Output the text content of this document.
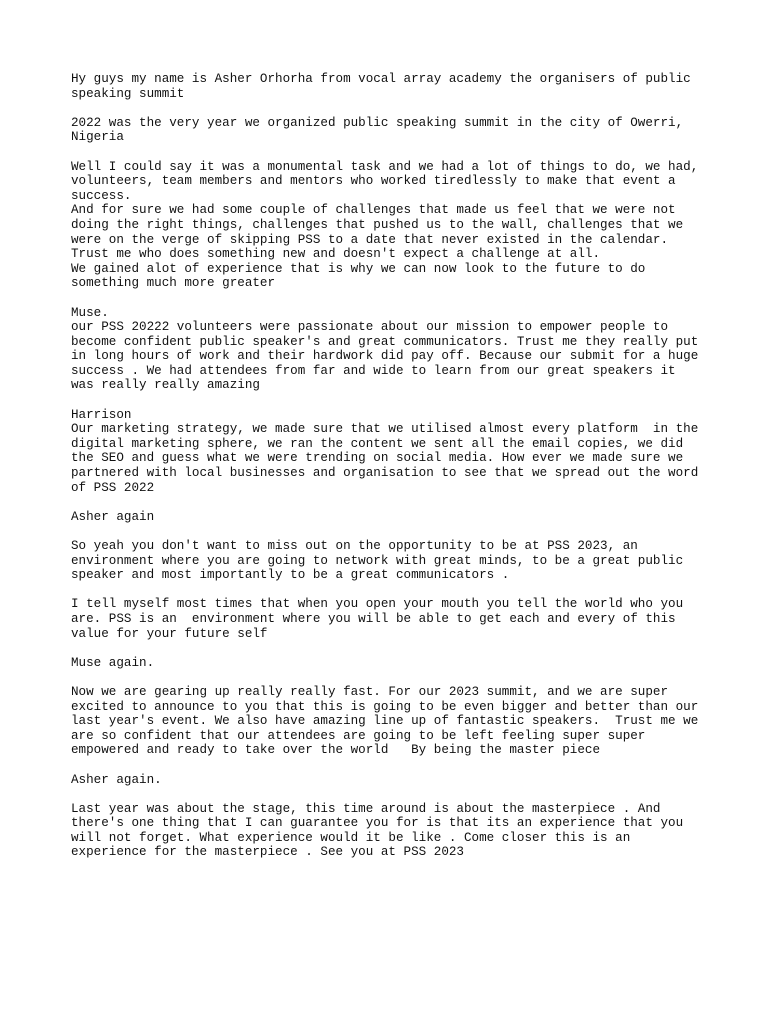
Hy guys my name is Asher Orhorha from vocal array academy the organisers of public speaking summit

2022 was the very year we organized public speaking summit in the city of Owerri, Nigeria

Well I could say it was a monumental task and we had a lot of things to do, we had, volunteers, team members and mentors who worked tiredlessly to make that event a success.
And for sure we had some couple of challenges that made us feel that we were not doing the right things, challenges that pushed us to the wall, challenges that we were on the verge of skipping PSS to a date that never existed in the calendar. Trust me who does something new and doesn't expect a challenge at all.
We gained alot of experience that is why we can now look to the future to do something much more greater

Muse.
our PSS 20222 volunteers were passionate about our mission to empower people to become confident public speaker's and great communicators. Trust me they really put in long hours of work and their hardwork did pay off. Because our submit for a huge success . We had attendees from far and wide to learn from our great speakers it was really really amazing

Harrison
Our marketing strategy, we made sure that we utilised almost every platform  in the digital marketing sphere, we ran the content we sent all the email copies, we did the SEO and guess what we were trending on social media. How ever we made sure we partnered with local businesses and organisation to see that we spread out the word of PSS 2022

Asher again

So yeah you don't want to miss out on the opportunity to be at PSS 2023, an environment where you are going to network with great minds, to be a great public speaker and most importantly to be a great communicators .

I tell myself most times that when you open your mouth you tell the world who you are. PSS is an  environment where you will be able to get each and every of this value for your future self

Muse again.

Now we are gearing up really really fast. For our 2023 summit, and we are super excited to announce to you that this is going to be even bigger and better than our last year's event. We also have amazing line up of fantastic speakers.  Trust me we are so confident that our attendees are going to be left feeling super super empowered and ready to take over the world   By being the master piece

Asher again.

Last year was about the stage, this time around is about the masterpiece . And there's one thing that I can guarantee you for is that its an experience that you will not forget. What experience would it be like . Come closer this is an experience for the masterpiece . See you at PSS 2023
